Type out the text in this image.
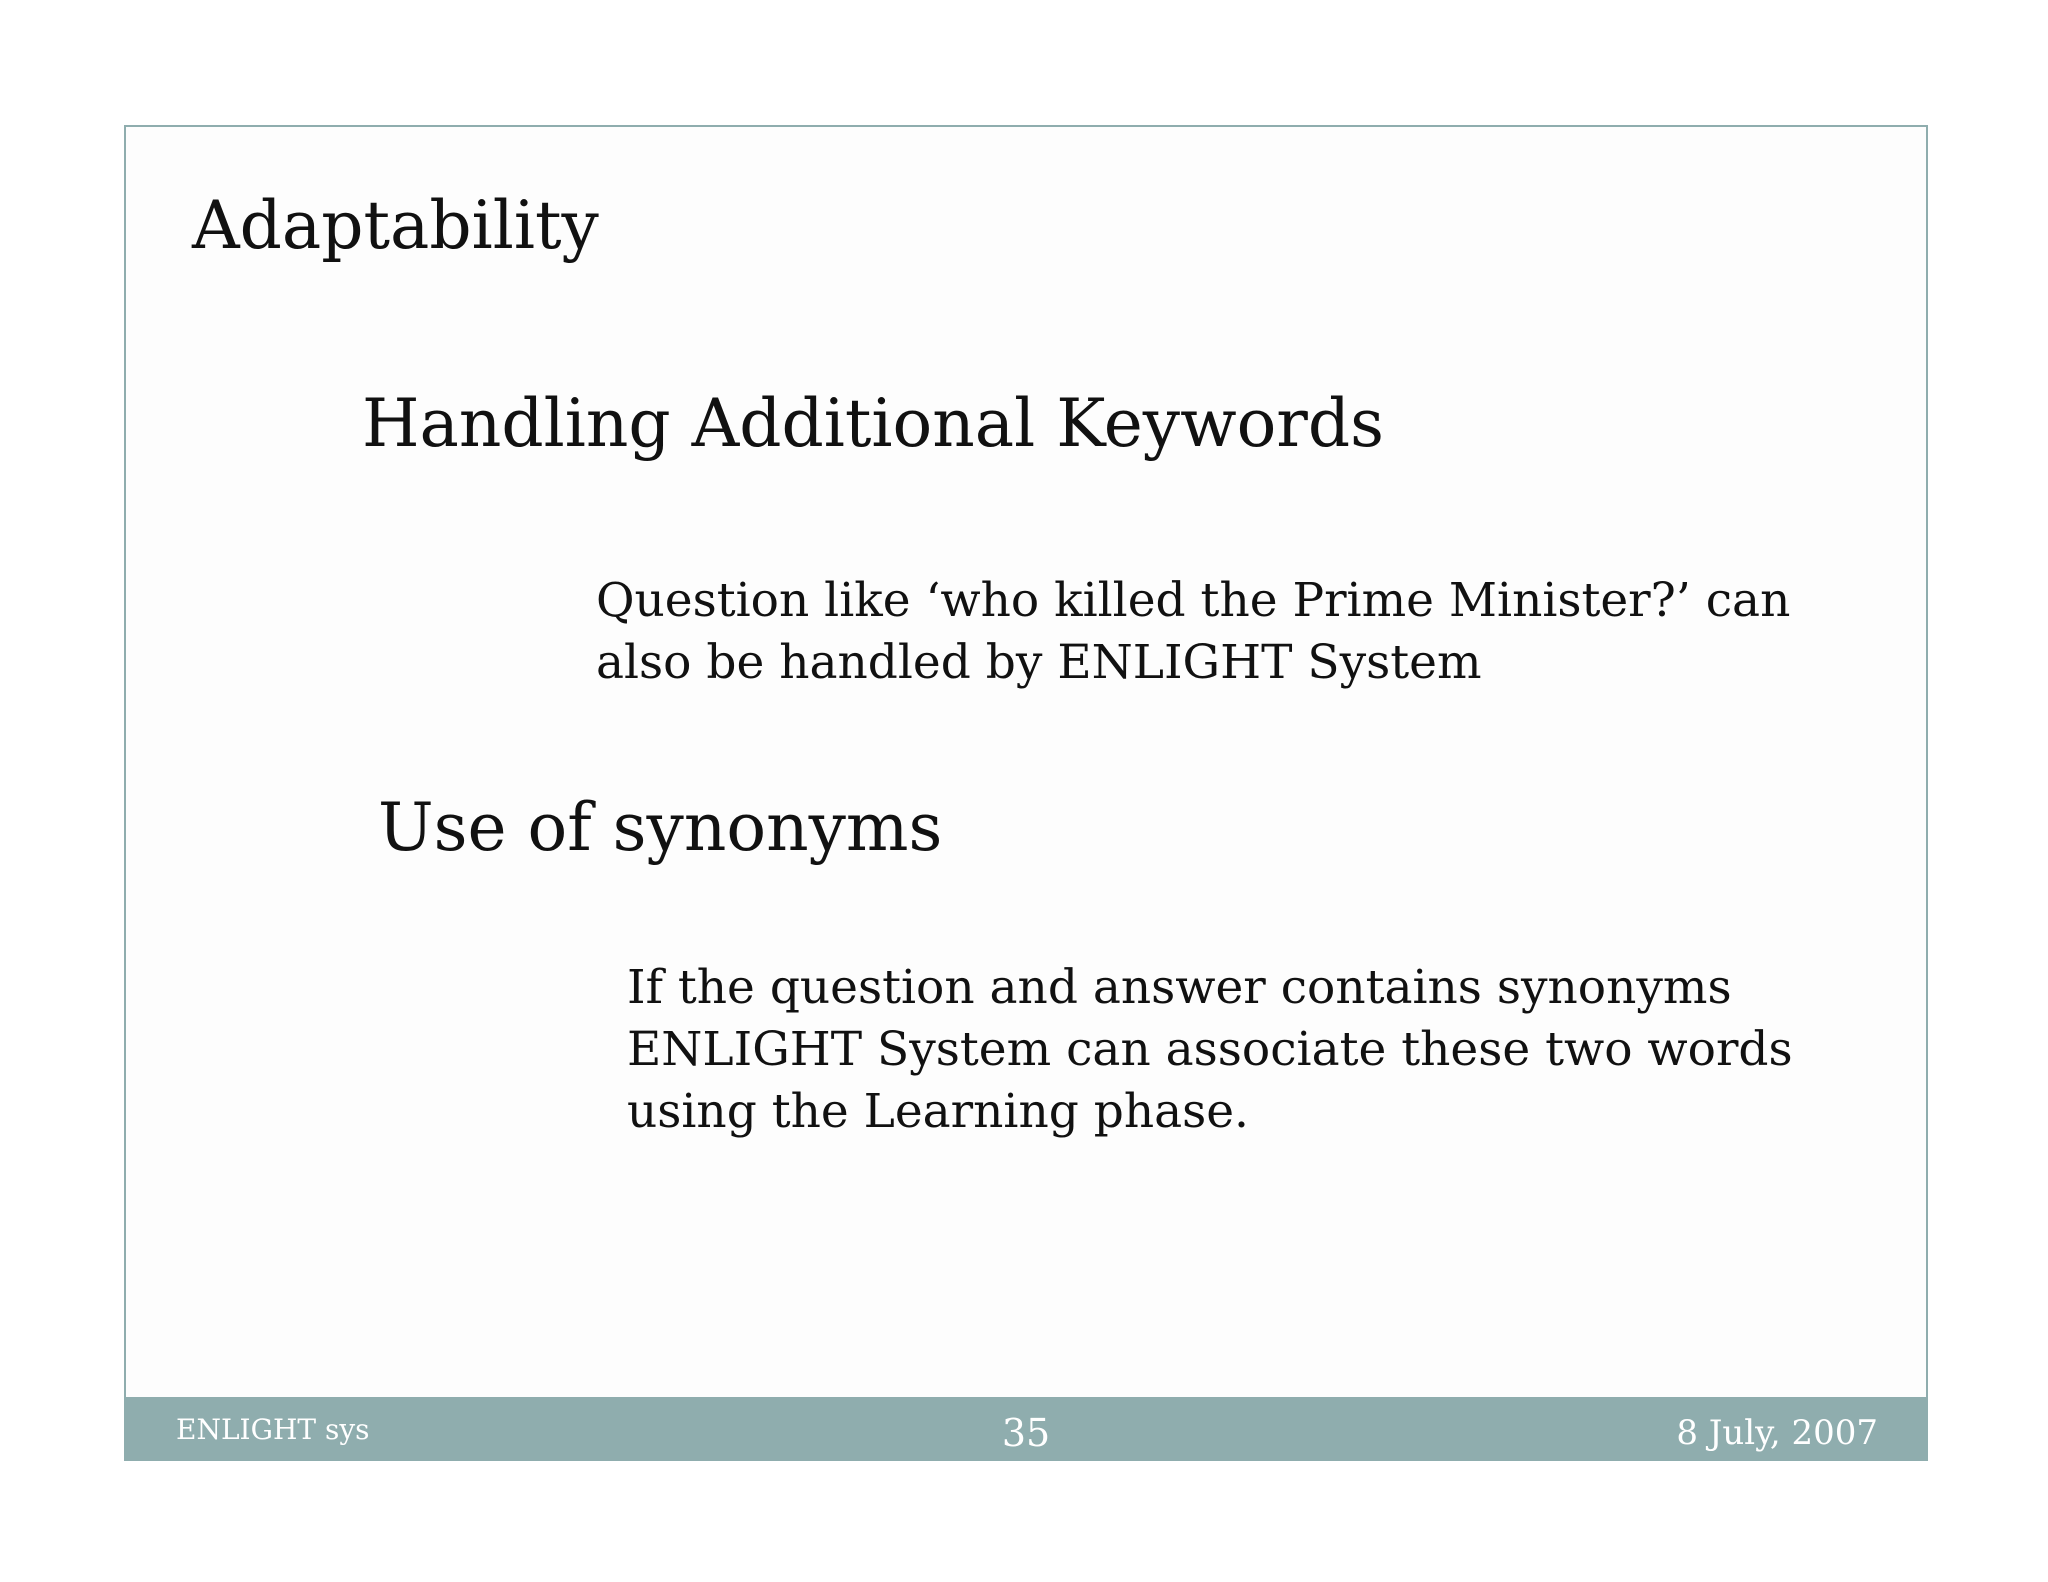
Adaptability
Handling Additional Keywords
Question like ‘who killed the Prime Minister?’ can
also be handled by ENLIGHT System
Use of synonyms
If the question and answer contains synonyms
ENLIGHT System can associate these two words
using the Learning phase.
ENLIGHT sys	35	8 July, 2007
